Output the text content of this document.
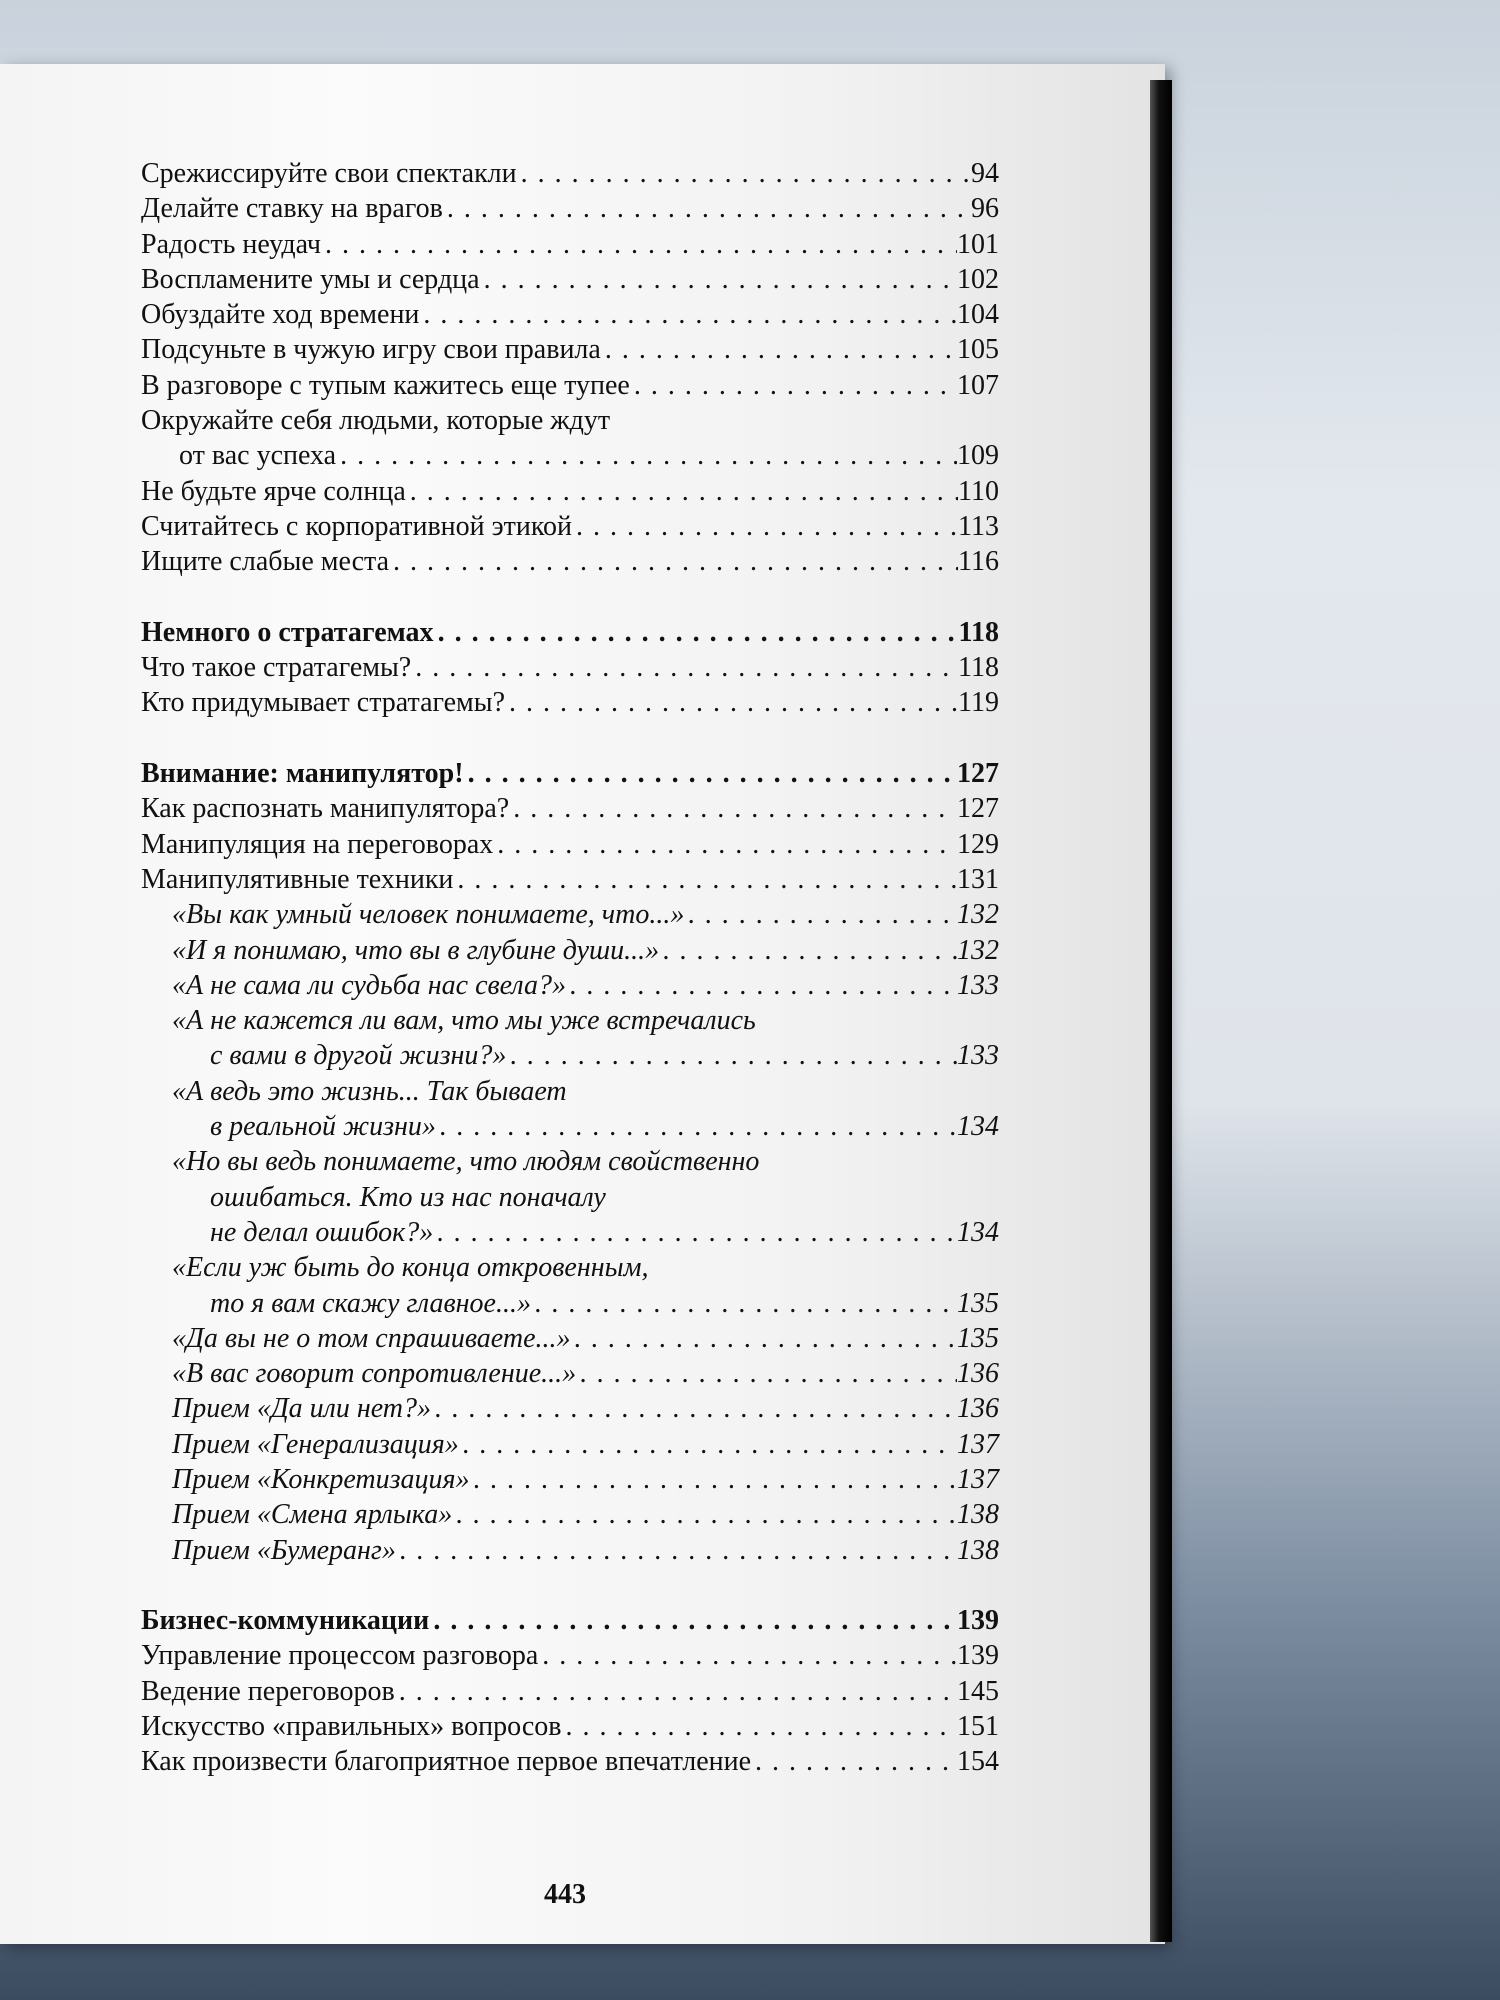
Срежиссируйте свои спектакли . . .	94
Делайте ставку на врагов . . .	96
Радость неудач . . .	101
Воспламените умы и сердца . . .	102
Обуздайте ход времени . . .	104
Подсуньте в чужую игру свои правила . . .	105
В разговоре с тупым кажитесь еще тупее . . .	107
Окружайте себя людьми, которые ждут
от вас успеха . . .	109
Не будьте ярче солнца . . .	110
Считайтесь с корпоративной этикой . . .	113
Ищите слабые места . . .	116
Немного о стратагемах . . .	118
Что такое стратагемы? . . .	118
Кто придумывает стратагемы? . . .	119
Внимание: манипулятор! . . .	127
Как распознать манипулятора? . . .	127
Манипуляция на переговорах . . .	129
Манипулятивные техники . . .	131
«Вы как умный человек понимаете, что...» . . .	132
«И я понимаю, что вы в глубине души...» . . .	132
«А не сама ли судьба нас свела?» . . .	133
«А не кажется ли вам, что мы уже встречались
с вами в другой жизни?» . . .	133
«А ведь это жизнь... Так бывает
в реальной жизни» . . .	134
«Но вы ведь понимаете, что людям свойственно
ошибаться. Кто из нас поначалу
не делал ошибок?» . . .	134
«Если уж быть до конца откровенным,
то я вам скажу главное...» . . .	135
«Да вы не о том спрашиваете...» . . .	135
«В вас говорит сопротивление...» . . .	136
Прием «Да или нет?» . . .	136
Прием «Генерализация» . . .	137
Прием «Конкретизация» . . .	137
Прием «Смена ярлыка» . . .	138
Прием «Бумеранг» . . .	138
Бизнес-коммуникации . . .	139
Управление процессом разговора . . .	139
Ведение переговоров . . .	145
Искусство «правильных» вопросов . . .	151
Как произвести благоприятное первое впечатление . . .	154
443
